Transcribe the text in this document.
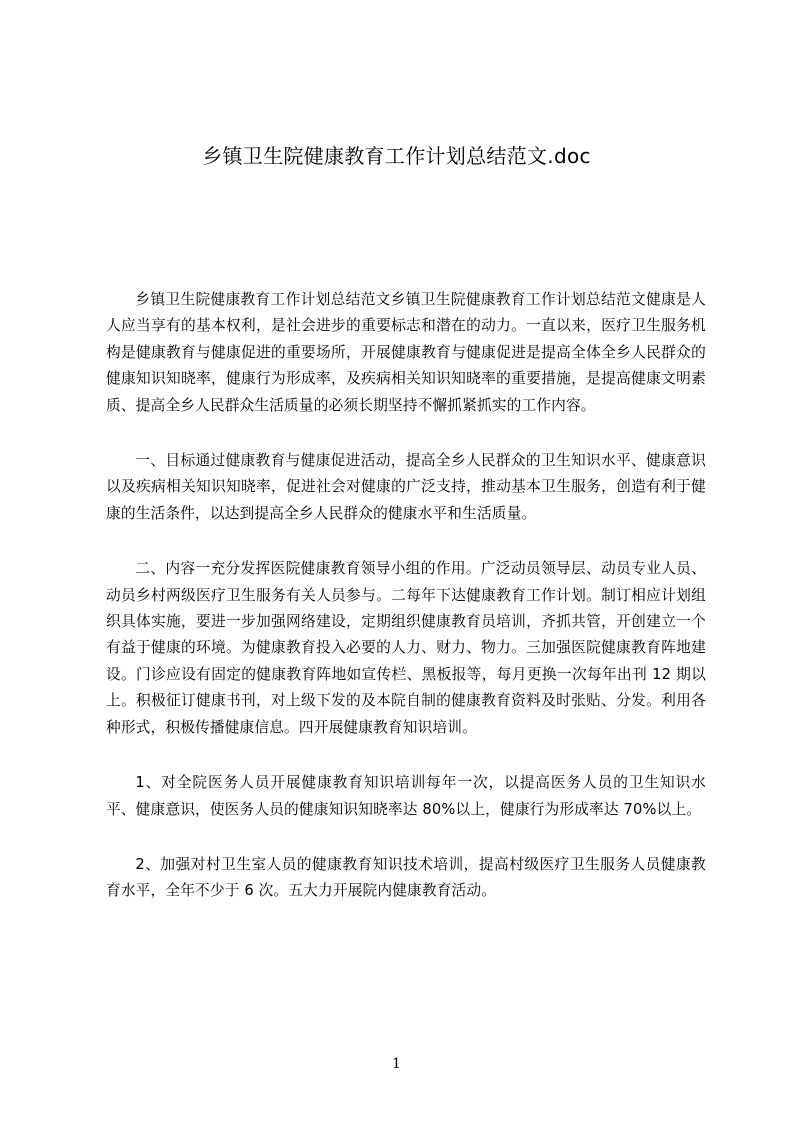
乡镇卫生院健康教育工作计划总结范文.doc

乡镇卫生院健康教育工作计划总结范文乡镇卫生院健康教育工作计划总结范文健康是人人应当享有的基本权利，是社会进步的重要标志和潜在的动力。一直以来，医疗卫生服务机构是健康教育与健康促进的重要场所，开展健康教育与健康促进是提高全体全乡人民群众的健康知识知晓率，健康行为形成率，及疾病相关知识知晓率的重要措施，是提高健康文明素质、提高全乡人民群众生活质量的必须长期坚持不懈抓紧抓实的工作内容。

一、目标通过健康教育与健康促进活动，提高全乡人民群众的卫生知识水平、健康意识以及疾病相关知识知晓率，促进社会对健康的广泛支持，推动基本卫生服务，创造有利于健康的生活条件，以达到提高全乡人民群众的健康水平和生活质量。

二、内容一充分发挥医院健康教育领导小组的作用。广泛动员领导层、动员专业人员、动员乡村两级医疗卫生服务有关人员参与。二每年下达健康教育工作计划。制订相应计划组织具体实施，要进一步加强网络建设，定期组织健康教育员培训，齐抓共管，开创建立一个有益于健康的环境。为健康教育投入必要的人力、财力、物力。三加强医院健康教育阵地建设。门诊应设有固定的健康教育阵地如宣传栏、黑板报等，每月更换一次每年出刊 12 期以上。积极征订健康书刊，对上级下发的及本院自制的健康教育资料及时张贴、分发。利用各种形式，积极传播健康信息。四开展健康教育知识培训。

1、对全院医务人员开展健康教育知识培训每年一次，以提高医务人员的卫生知识水平、健康意识，使医务人员的健康知识知晓率达 80%以上，健康行为形成率达 70%以上。

2、加强对村卫生室人员的健康教育知识技术培训，提高村级医疗卫生服务人员健康教育水平，全年不少于 6 次。五大力开展院内健康教育活动。

1
